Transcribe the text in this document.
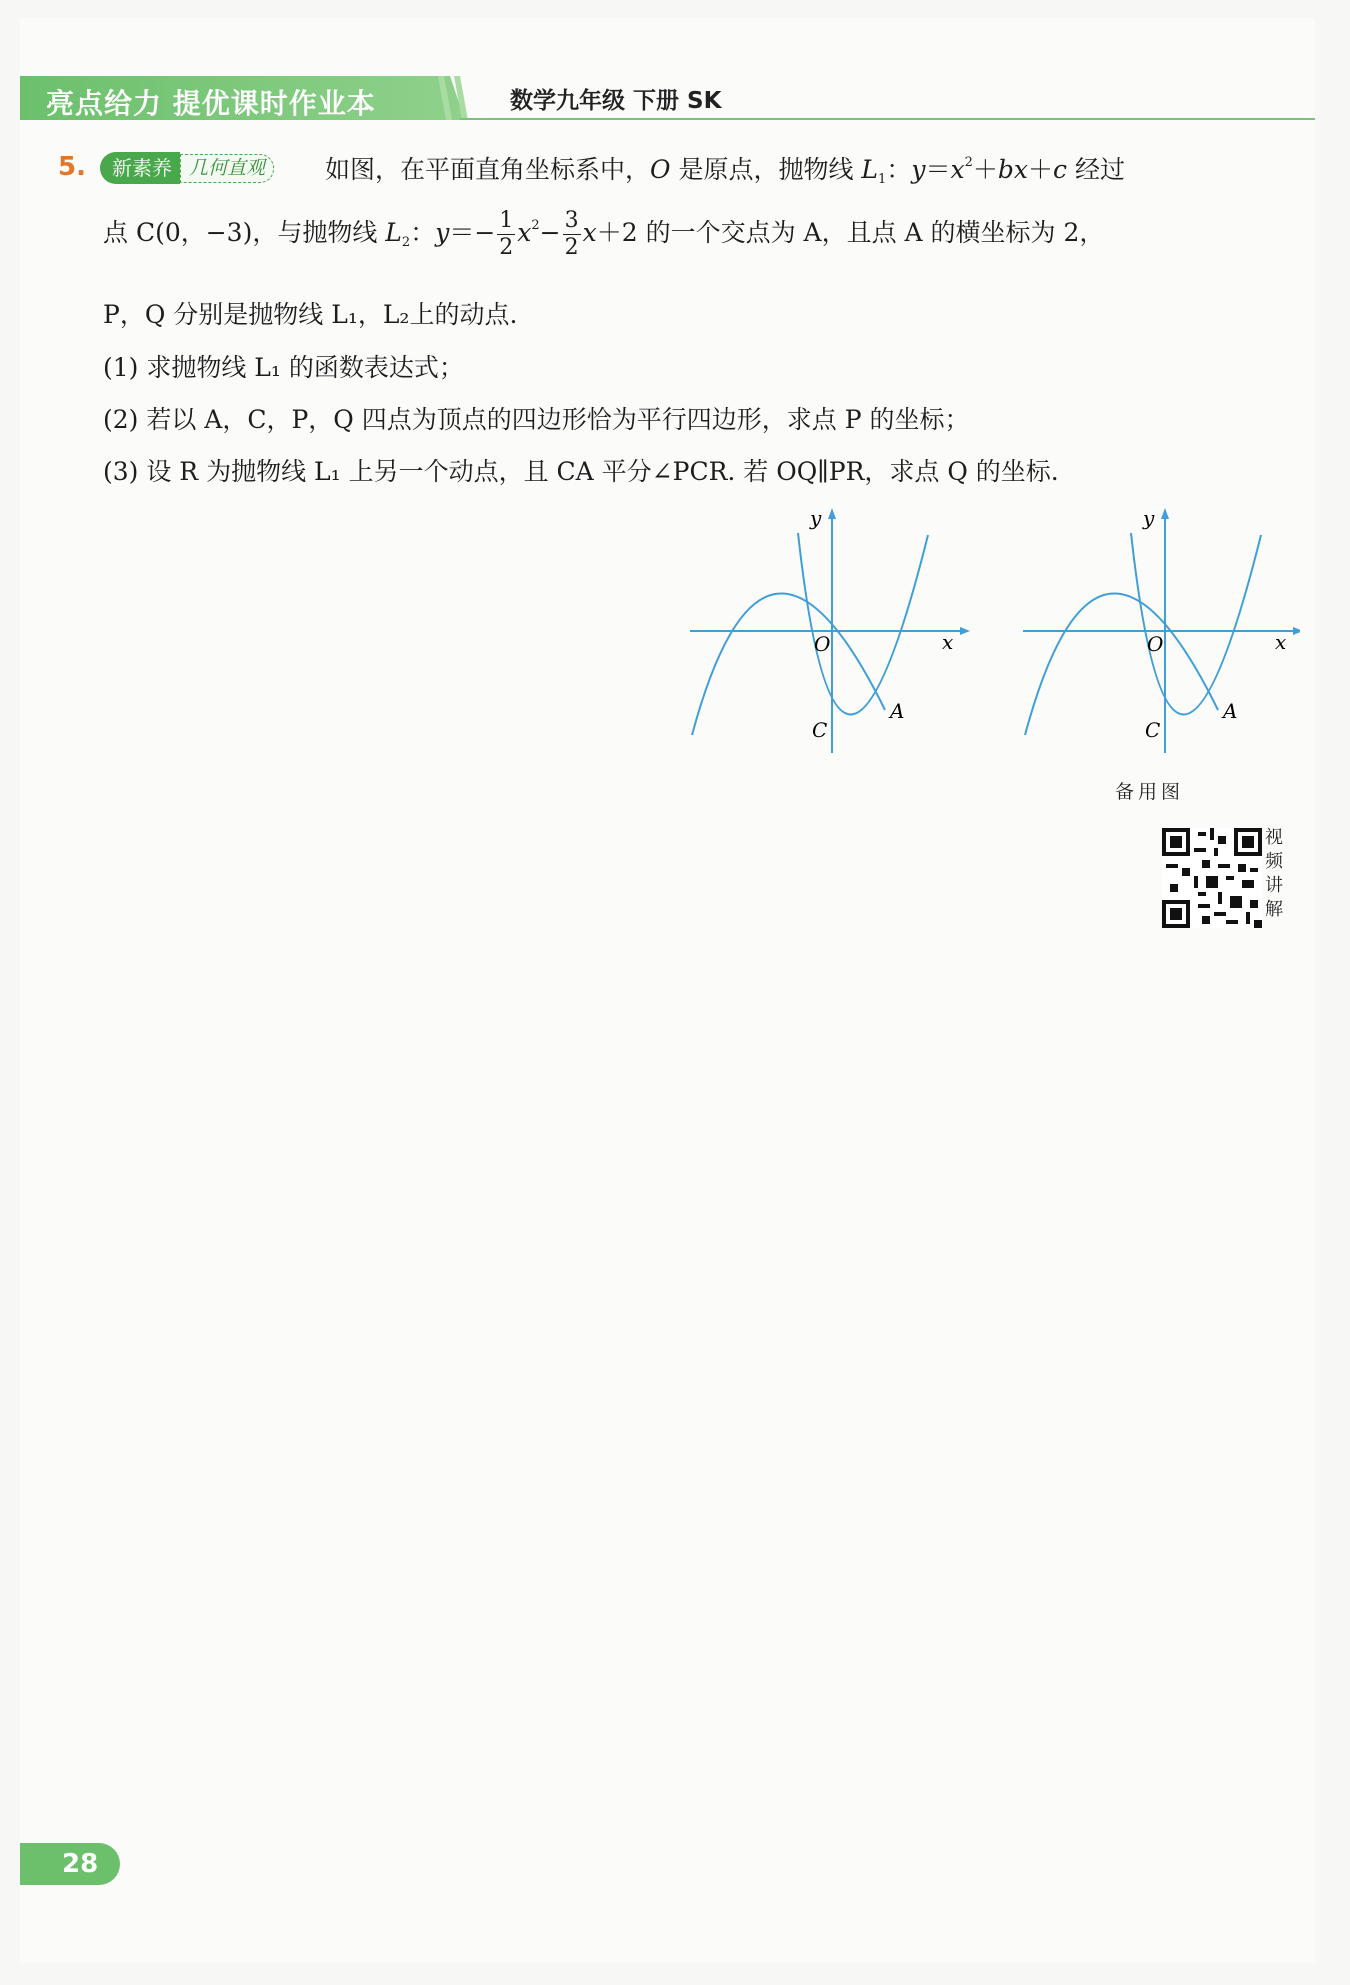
亮点给力 提优课时作业本	数学九年级 下册 SK
5.	新素养 几何直观	如图，在平面直角坐标系中，O 是原点，抛物线 $L_1$：$y=x^2+bx+c$ 经过
点 C(0，−3)，与抛物线 $L_2$：$y=- \frac{1}{2} x^2- \frac{3}{2} x+2$ 的一个交点为 A，且点 A 的横坐标为 2，
P，Q 分别是抛物线 L₁，L₂上的动点.
(1) 求抛物线 L₁ 的函数表达式；
(2) 若以 A，C，P，Q 四点为顶点的四边形恰为平行四边形，求点 P 的坐标；
(3) 设 R 为抛物线 L₁ 上另一个动点，且 CA 平分∠PCR. 若 OQ∥PR，求点 Q 的坐标.
y
x
O
C
A
y
x
O
C
A
备用图
视频讲解
28
